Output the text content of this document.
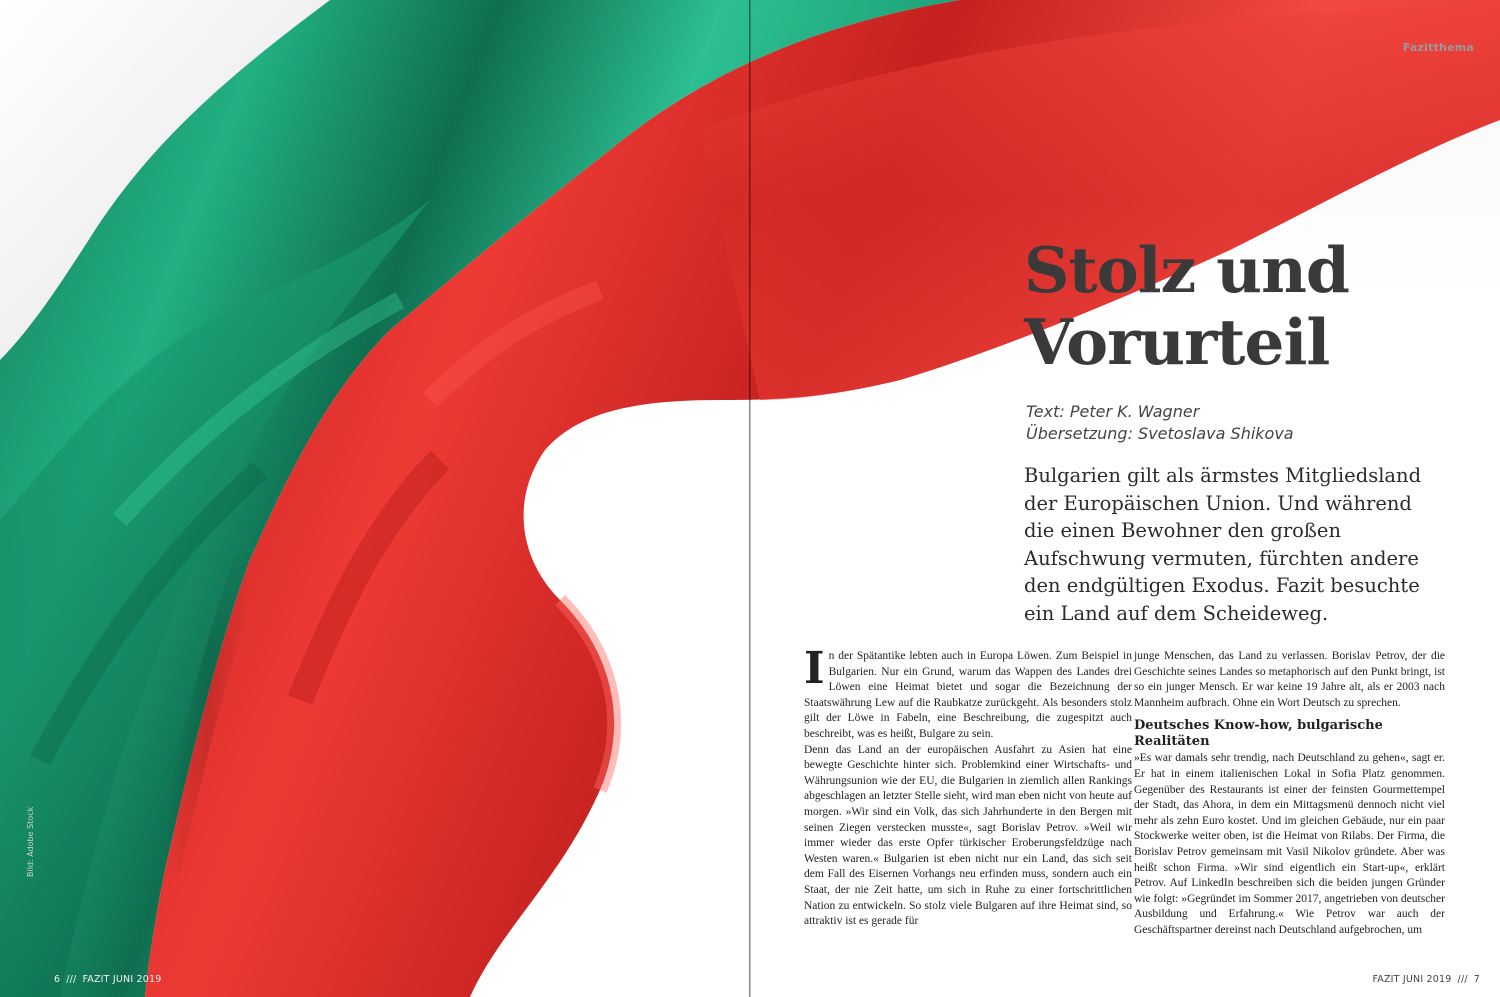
Fazitthema
Stolz und
Vorurteil
Text: Peter K. Wagner
Übersetzung: Svetoslava Shikova
Bulgarien gilt als ärmstes Mitgliedsland
der Europäischen Union. Und während
die einen Bewohner den großen
Aufschwung vermuten, fürchten andere
den endgültigen Exodus. Fazit besuchte
ein Land auf dem Scheideweg.

In der Spätantike lebten auch in Europa Löwen. Zum Beispiel in Bulgarien. Nur ein Grund, warum das Wappen des Landes drei Löwen eine Heimat bietet und sogar die Bezeichnung der Staatswährung Lew auf die Raubkatze zurückgeht. Als besonders stolz gilt der Löwe in Fabeln, eine Beschreibung, die zugespitzt auch beschreibt, was es heißt, Bulgare zu sein.

Denn das Land an der europäischen Ausfahrt zu Asien hat eine bewegte Geschichte hinter sich. Problemkind einer Wirtschafts- und Währungsunion wie der EU, die Bulgarien in ziemlich allen Rankings abgeschlagen an letzter Stelle sieht, wird man eben nicht von heute auf morgen. »Wir sind ein Volk, das sich Jahrhunderte in den Bergen mit seinen Ziegen verstecken musste«, sagt Borislav Petrov. »Weil wir immer wieder das erste Opfer türkischer Eroberungsfeldzüge nach Westen waren.« Bulgarien ist eben nicht nur ein Land, das sich seit dem Fall des Eisernen Vorhangs neu erfinden muss, sondern auch ein Staat, der nie Zeit hatte, um sich in Ruhe zu einer fortschrittlichen Nation zu entwickeln. So stolz viele Bulgaren auf ihre Heimat sind, so attraktiv ist es gerade für

junge Menschen, das Land zu verlassen. Borislav Petrov, der die Geschichte seines Landes so metaphorisch auf den Punkt bringt, ist so ein junger Mensch. Er war keine 19 Jahre alt, als er 2003 nach Mannheim aufbrach. Ohne ein Wort Deutsch zu sprechen.

Deutsches Know-how, bulgarische Realitäten

»Es war damals sehr trendig, nach Deutschland zu gehen«, sagt er. Er hat in einem italienischen Lokal in Sofia Platz genommen. Gegenüber des Restaurants ist einer der feinsten Gourmettempel der Stadt, das Ahora, in dem ein Mittagsmenü dennoch nicht viel mehr als zehn Euro kostet. Und im gleichen Gebäude, nur ein paar Stockwerke weiter oben, ist die Heimat von Rilabs. Der Firma, die Borislav Petrov gemeinsam mit Vasil Nikolov gründete. Aber was heißt schon Firma. »Wir sind eigentlich ein Start-up«, erklärt Petrov. Auf LinkedIn beschreiben sich die beiden jungen Gründer wie folgt: »Gegründet im Sommer 2017, angetrieben von deutscher Ausbildung und Erfahrung.« Wie Petrov war auch der Geschäftspartner dereinst nach Deutschland aufgebrochen, um

Bild: Adobe Stock
6 /// FAZIT JUNI 2019	FAZIT JUNI 2019 /// 7
